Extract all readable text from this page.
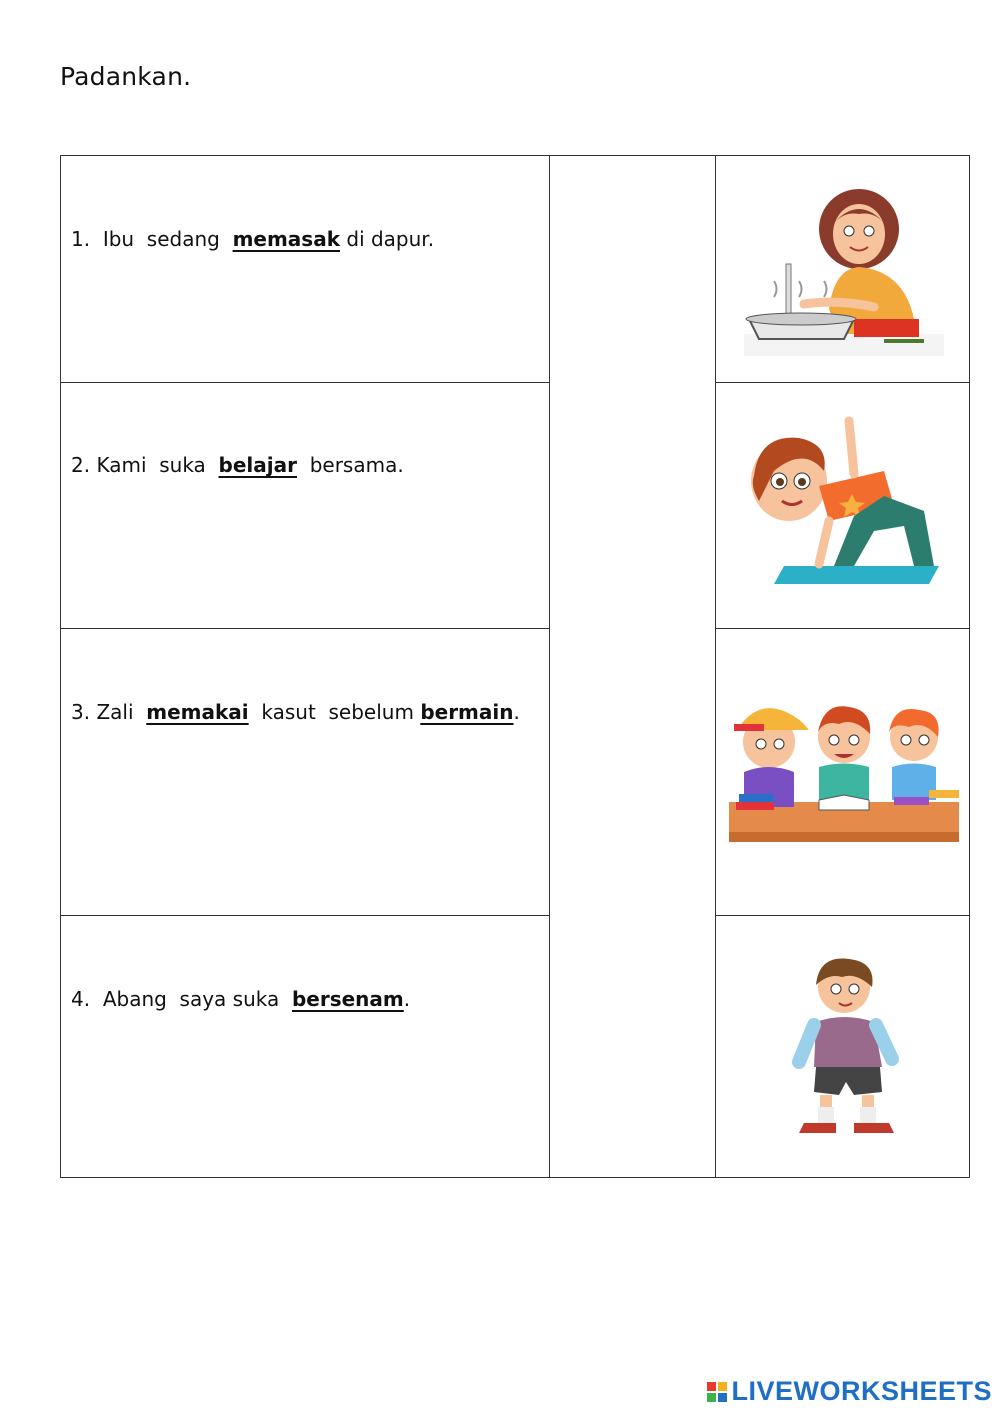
Padankan.
1. Ibu  sedang  memasak di dapur.
2. Kami  suka  belajar  bersama.
3. Zali  memakai  kasut  sebelum bermain.
4. Abang  saya suka  bersenam.
LIVEWORKSHEETS
